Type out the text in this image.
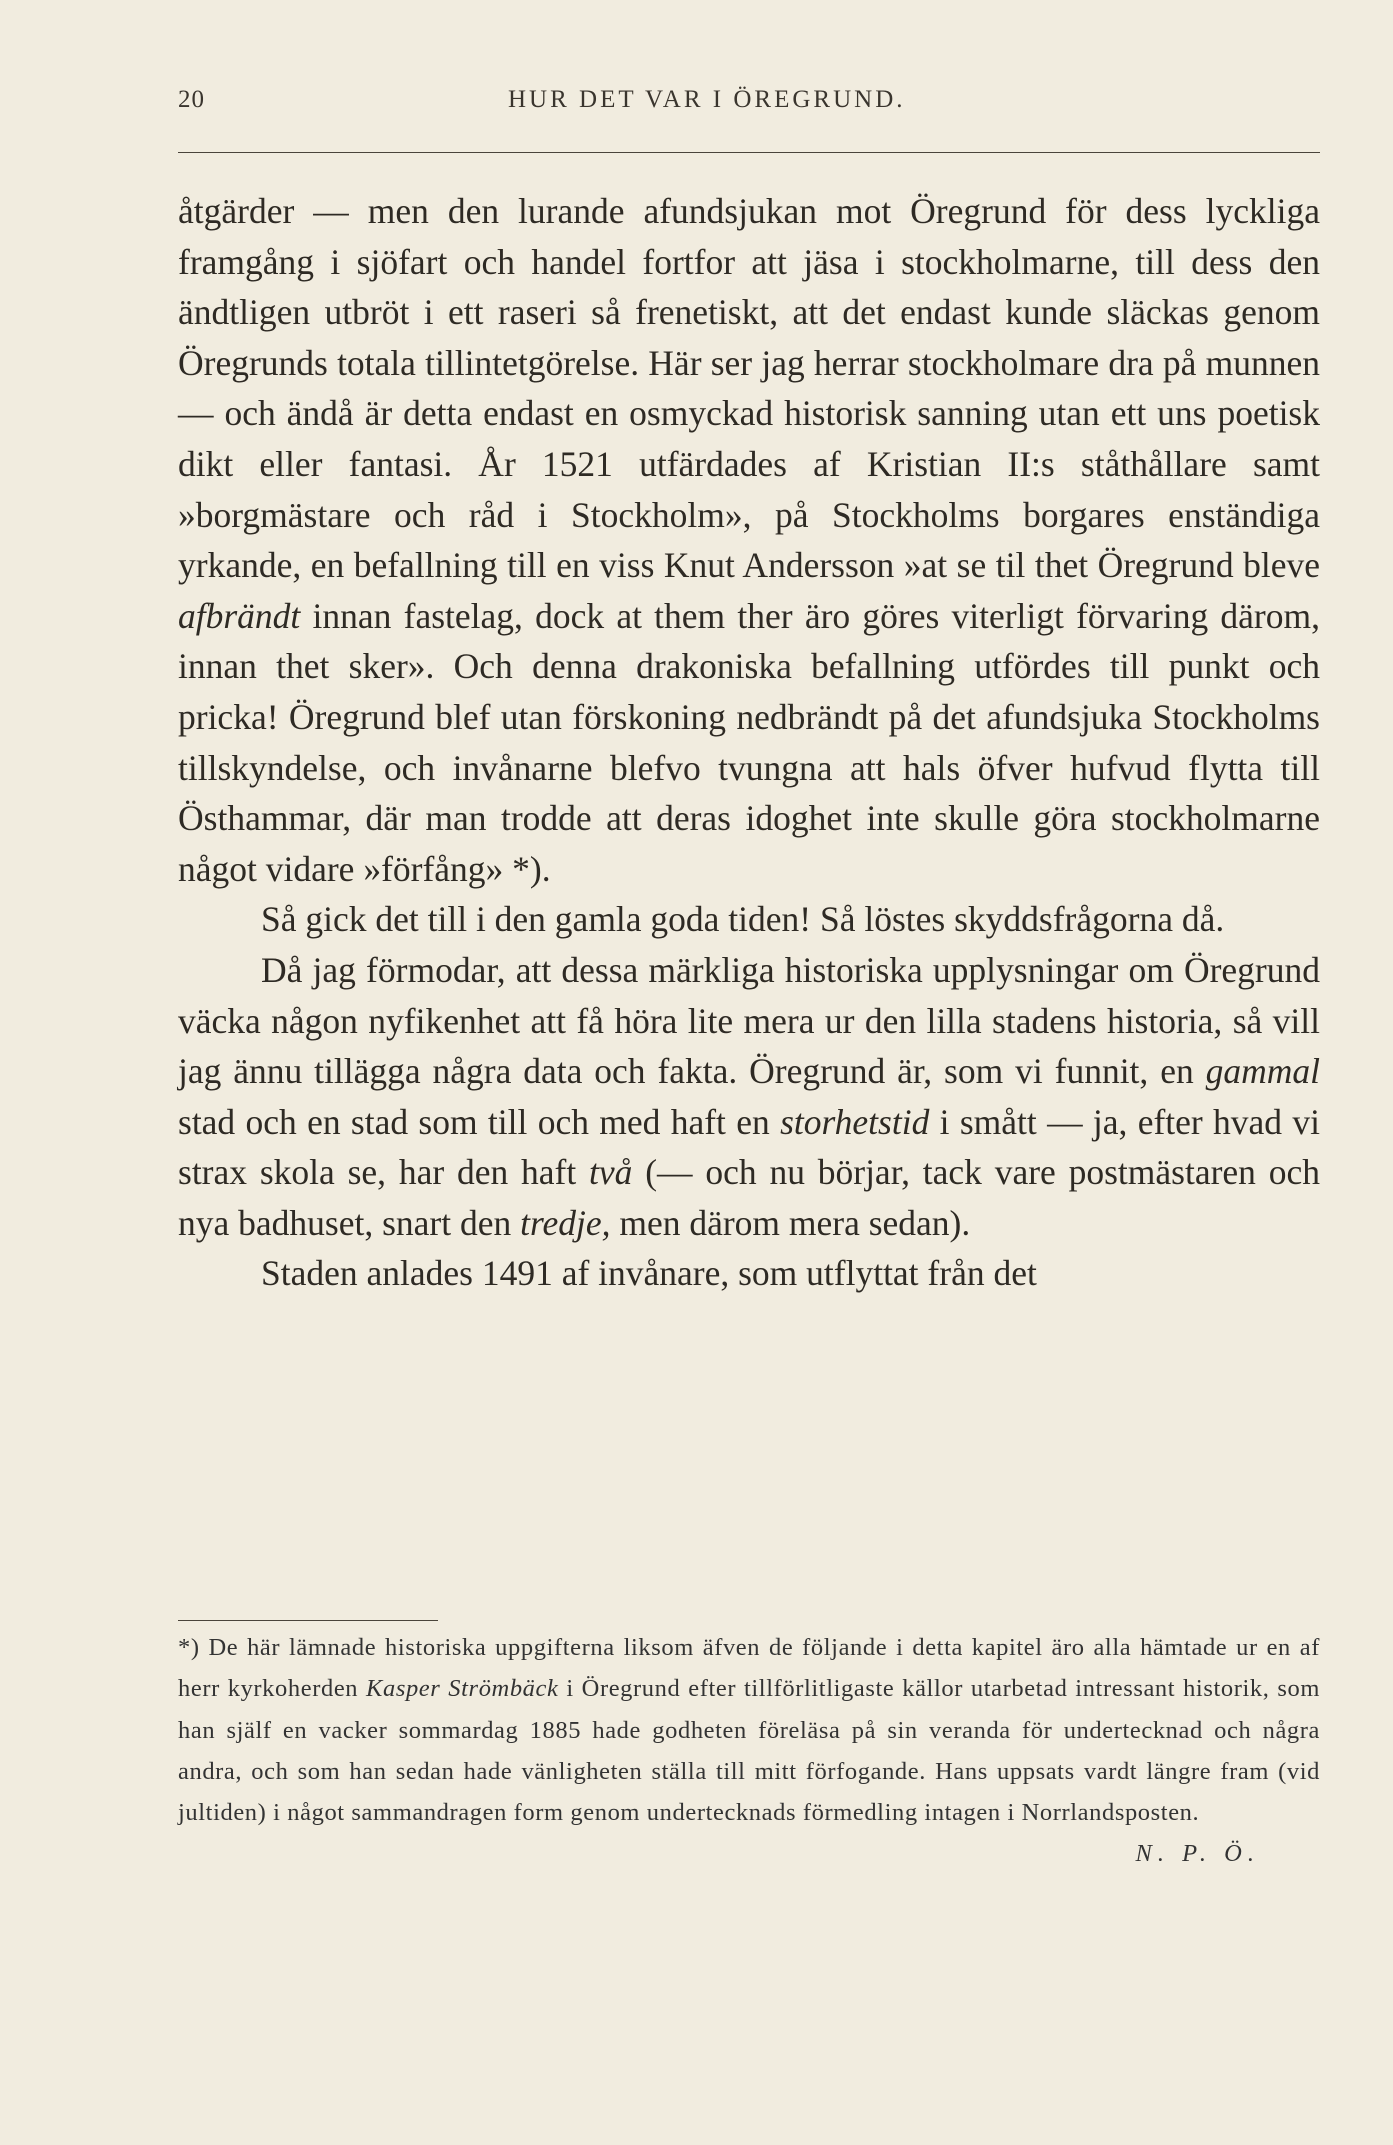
20	HUR DET VAR I ÖREGRUND.

åtgärder — men den lurande afundsjukan mot Öregrund för dess lyckliga framgång i sjöfart och handel fortfor att jäsa i stockholmarne, till dess den ändtligen utbröt i ett raseri så frenetiskt, att det endast kunde släckas genom Öregrunds totala tillintetgörelse. Här ser jag herrar stockholmare dra på munnen — och ändå är detta endast en osmyckad historisk sanning utan ett uns poetisk dikt eller fantasi. År 1521 utfärdades af Kristian II:s ståthållare samt »borgmästare och råd i Stockholm», på Stockholms borgares enständiga yrkande, en befallning till en viss Knut Andersson »at se til thet Öregrund bleve afbrändt innan fastelag, dock at them ther äro göres viterligt förvaring därom, innan thet sker». Och denna drakoniska befallning utfördes till punkt och pricka! Öregrund blef utan förskoning nedbrändt på det afundsjuka Stockholms tillskyndelse, och invånarne blefvo tvungna att hals öfver hufvud flytta till Östhammar, där man trodde att deras idoghet inte skulle göra stockholmarne något vidare »förfång» *).

Så gick det till i den gamla goda tiden! Så löstes skyddsfrågorna då.

Då jag förmodar, att dessa märkliga historiska upplysningar om Öregrund väcka någon nyfikenhet att få höra lite mera ur den lilla stadens historia, så vill jag ännu tillägga några data och fakta. Öregrund är, som vi funnit, en gammal stad och en stad som till och med haft en storhetstid i smått — ja, efter hvad vi strax skola se, har den haft två (— och nu börjar, tack vare postmästaren och nya badhuset, snart den tredje, men därom mera sedan).

Staden anlades 1491 af invånare, som utflyttat från det

*) De här lämnade historiska uppgifterna liksom äfven de följande i detta kapitel äro alla hämtade ur en af herr kyrkoherden Kasper Strömbäck i Öregrund efter tillförlitligaste källor utarbetad intressant historik, som han själf en vacker sommardag 1885 hade godheten föreläsa på sin veranda för undertecknad och några andra, och som han sedan hade vänligheten ställa till mitt förfogande. Hans uppsats vardt längre fram (vid jultiden) i något sammandragen form genom undertecknads förmedling intagen i Norrlandsposten.
N. P. Ö.
